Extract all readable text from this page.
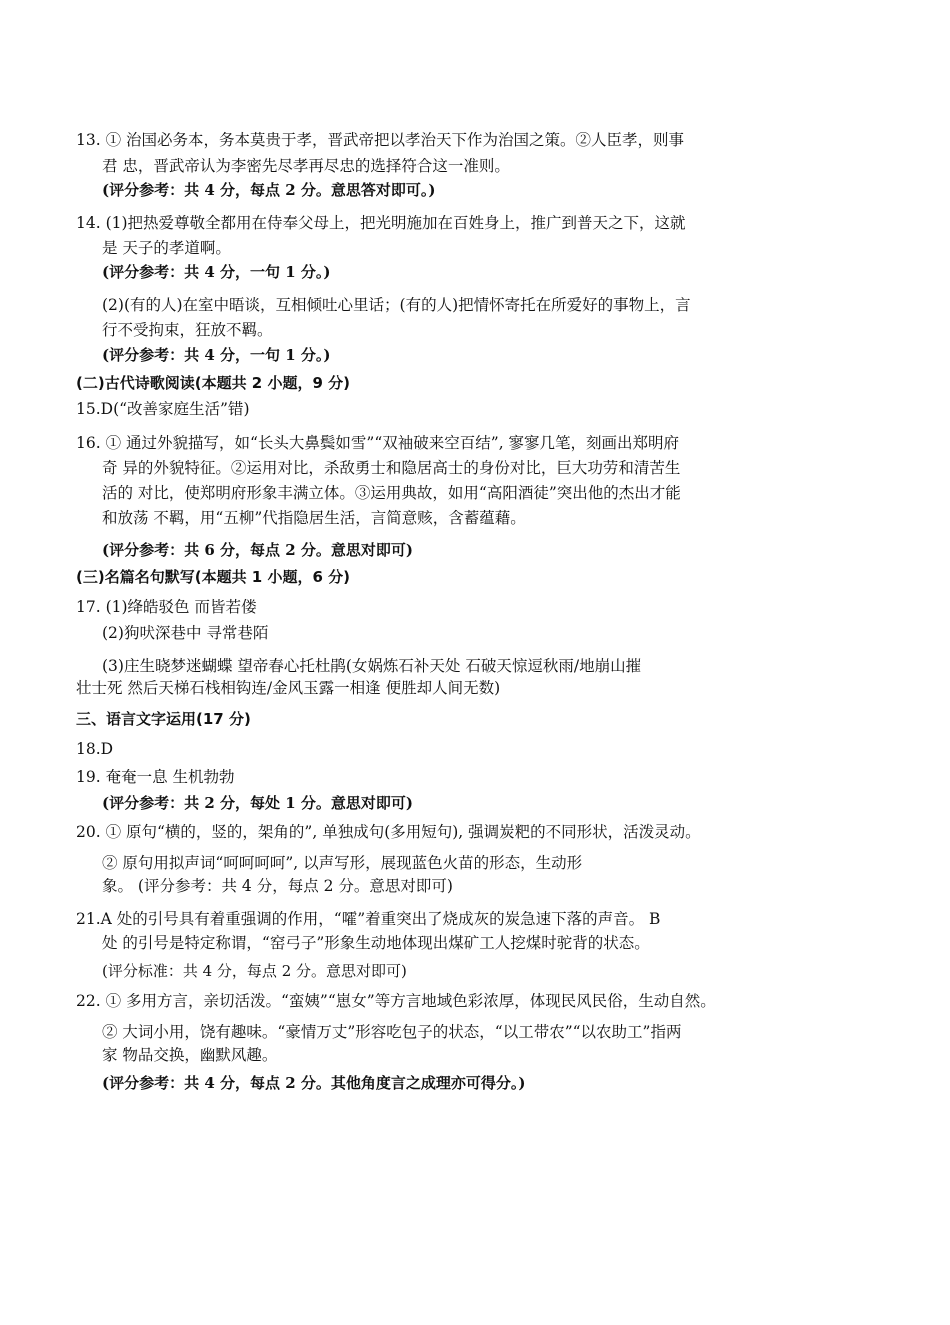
13. ① 治国必务本，务本莫贵于孝，晋武帝把以孝治天下作为治国之策。②人臣孝，则事
君 忠，晋武帝认为李密先尽孝再尽忠的选择符合这一准则。
(评分参考：共 4 分，每点 2 分。意思答对即可。)
14. (1)把热爱尊敬全都用在侍奉父母上，把光明施加在百姓身上，推广到普天之下，这就
是 天子的孝道啊。
(评分参考：共 4 分，一句 1 分。)
(2)(有的人)在室中晤谈，互相倾吐心里话；(有的人)把情怀寄托在所爱好的事物上，言
行不受拘束，狂放不羁。
(评分参考：共 4 分，一句 1 分。)
(二)古代诗歌阅读(本题共 2 小题，9 分)
15.D(“改善家庭生活”错)
16. ① 通过外貌描写，如“长头大鼻鬓如雪”“双袖破来空百结”, 寥寥几笔，刻画出郑明府
奇 异的外貌特征。②运用对比，杀敌勇士和隐居高士的身份对比，巨大功劳和清苦生
活的 对比，使郑明府形象丰满立体。③运用典故，如用“高阳酒徒”突出他的杰出才能
和放荡 不羁，用“五柳”代指隐居生活，言简意赅，含蓄蕴藉。
(评分参考：共 6 分，每点 2 分。意思对即可)
(三)名篇名句默写(本题共 1 小题，6 分)
17. (1)绛皓驳色 而皆若偻
(2)狗吠深巷中 寻常巷陌
(3)庄生晓梦迷蝴蝶 望帝春心托杜鹃(女娲炼石补天处 石破天惊逗秋雨/地崩山摧
壮士死 然后天梯石栈相钩连/金风玉露一相逢 便胜却人间无数)
三、语言文字运用(17 分)
18.D
19. 奄奄一息 生机勃勃
(评分参考：共 2 分，每处 1 分。意思对即可)
20. ① 原句“横的，竖的，架角的”, 单独成句(多用短句), 强调炭粑的不同形状，活泼灵动。
② 原句用拟声词“呵呵呵呵”, 以声写形，展现蓝色火苗的形态，生动形
象。 (评分参考：共 4 分，每点 2 分。意思对即可)
21.A 处的引号具有着重强调的作用，“嚯”着重突出了烧成灰的炭急速下落的声音。 B
处 的引号是特定称谓，“窑弓子”形象生动地体现出煤矿工人挖煤时驼背的状态。
(评分标准：共 4 分，每点 2 分。意思对即可)
22. ① 多用方言，亲切活泼。“蛮姨”“崽女”等方言地域色彩浓厚，体现民风民俗，生动自然。
② 大词小用，饶有趣味。“豪情万丈”形容吃包子的状态，“以工带农”“以农助工”指两
家 物品交换，幽默风趣。
(评分参考：共 4 分，每点 2 分。其他角度言之成理亦可得分。)
